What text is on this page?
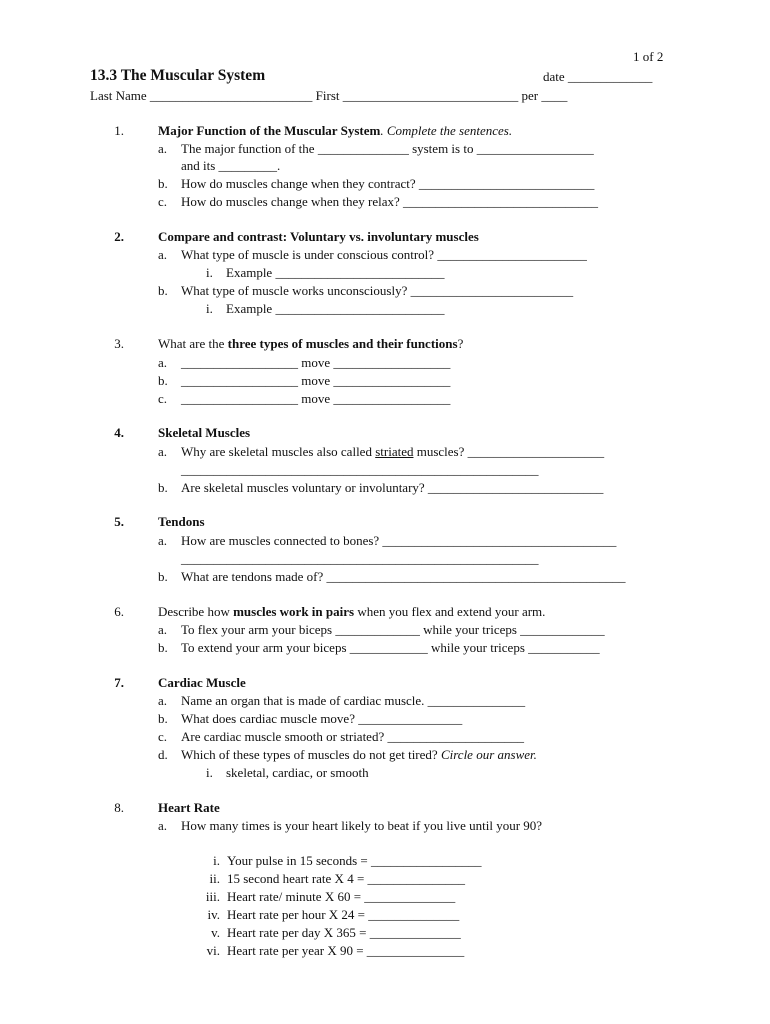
1 of 2
13.3 The Muscular System	date _____________
Last Name _________________________ First ___________________________ per ____
1.	Major Function of the Muscular System. Complete the sentences.
a. The major function of the ______________ system is to __________________
and its _________.
b. How do muscles change when they contract? ___________________________
c. How do muscles change when they relax? ______________________________
2.	Compare and contrast: Voluntary vs. involuntary muscles
a. What type of muscle is under conscious control? _______________________
i. Example __________________________
b. What type of muscle works unconsciously? _________________________
i. Example __________________________
3.	What are the three types of muscles and their functions?
a. __________________ move __________________
b. __________________ move __________________
c. __________________ move __________________
4.	Skeletal Muscles
a. Why are skeletal muscles also called striated muscles? _____________________
_______________________________________________________
b. Are skeletal muscles voluntary or involuntary? ___________________________
5.	Tendons
a. How are muscles connected to bones? ____________________________________
_______________________________________________________
b. What are tendons made of? ______________________________________________
6.	Describe how muscles work in pairs when you flex and extend your arm.
a. To flex your arm your biceps _____________ while your triceps _____________
b. To extend your arm your biceps ____________ while your triceps ___________
7.	Cardiac Muscle
a. Name an organ that is made of cardiac muscle. _______________
b. What does cardiac muscle move? ________________
c. Are cardiac muscle smooth or striated? _____________________
d. Which of these types of muscles do not get tired? Circle our answer.
i. skeletal, cardiac, or smooth
8.	Heart Rate
a. How many times is your heart likely to beat if you live until your 90?
i. Your pulse in 15 seconds = _________________
ii. 15 second heart rate X 4 = _______________
iii. Heart rate/ minute X 60 = ______________
iv. Heart rate per hour X 24 = ______________
v. Heart rate per day X 365 = ______________
vi. Heart rate per year X 90 = _______________
